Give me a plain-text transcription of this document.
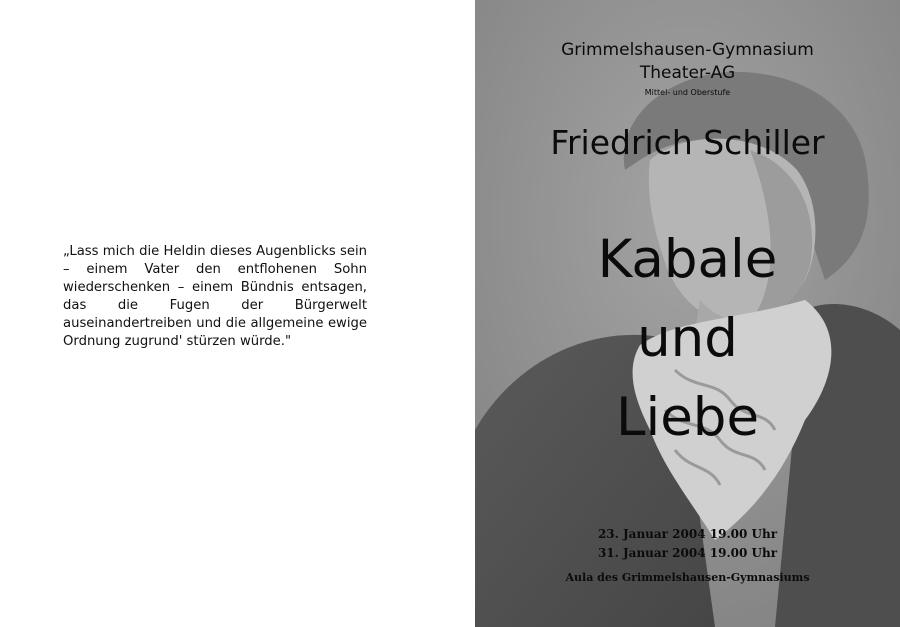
„Lass mich die Heldin dieses Augenblicks sein – einem Vater den entflohenen Sohn wiederschenken – einem Bündnis entsagen, das die Fugen der Bürgerwelt auseinandertreiben und die allgemeine ewige Ordnung zugrund' stürzen würde."
Grimmelshausen-Gymnasium
Theater-AG
Mittel- und Oberstufe
Friedrich Schiller
Kabale
und
Liebe
23. Januar 2004 19.00 Uhr
31. Januar 2004 19.00 Uhr
Aula des Grimmelshausen-Gymnasiums
